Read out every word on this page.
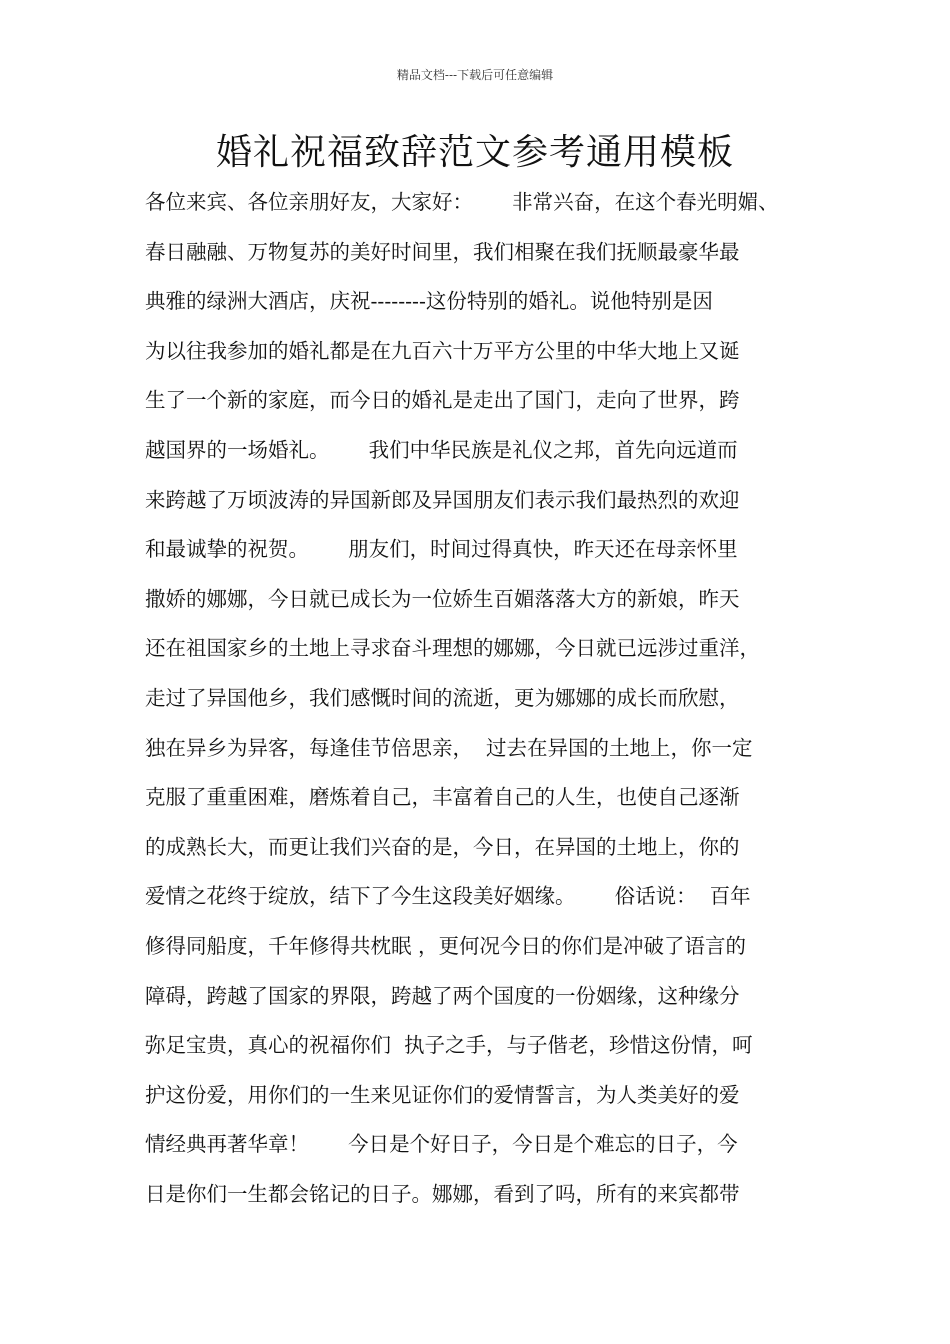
精品文档---下载后可任意编辑
婚礼祝福致辞范文参考通用模板
各位来宾、各位亲朋好友，大家好：      非常兴奋，在这个春光明媚、
春日融融、万物复苏的美好时间里，我们相聚在我们抚顺最豪华最
典雅的绿洲大酒店，庆祝--------这份特别的婚礼。说他特别是因
为以往我参加的婚礼都是在九百六十万平方公里的中华大地上又诞
生了一个新的家庭，而今日的婚礼是走出了国门，走向了世界，跨
越国界的一场婚礼。      我们中华民族是礼仪之邦，首先向远道而
来跨越了万顷波涛的异国新郎及异国朋友们表示我们最热烈的欢迎
和最诚挚的祝贺。      朋友们，时间过得真快，昨天还在母亲怀里
撒娇的娜娜，今日就已成长为一位娇生百媚落落大方的新娘，昨天
还在祖国家乡的土地上寻求奋斗理想的娜娜，今日就已远涉过重洋，
走过了异国他乡，我们感慨时间的流逝，更为娜娜的成长而欣慰，
独在异乡为异客，每逢佳节倍思亲，  过去在异国的土地上，你一定
克服了重重困难，磨炼着自己，丰富着自己的人生，也使自己逐渐
的成熟长大，而更让我们兴奋的是，今日，在异国的土地上，你的
爱情之花终于绽放，结下了今生这段美好姻缘。      俗话说：  百年
修得同船度，千年修得共枕眠 ，更何况今日的你们是冲破了语言的
障碍，跨越了国家的界限，跨越了两个国度的一份姻缘，这种缘分
弥足宝贵，真心的祝福你们  执子之手，与子偕老，珍惜这份情，呵
护这份爱，用你们的一生来见证你们的爱情誓言，为人类美好的爱
情经典再著华章！      今日是个好日子，今日是个难忘的日子，今
日是你们一生都会铭记的日子。娜娜，看到了吗，所有的来宾都带
